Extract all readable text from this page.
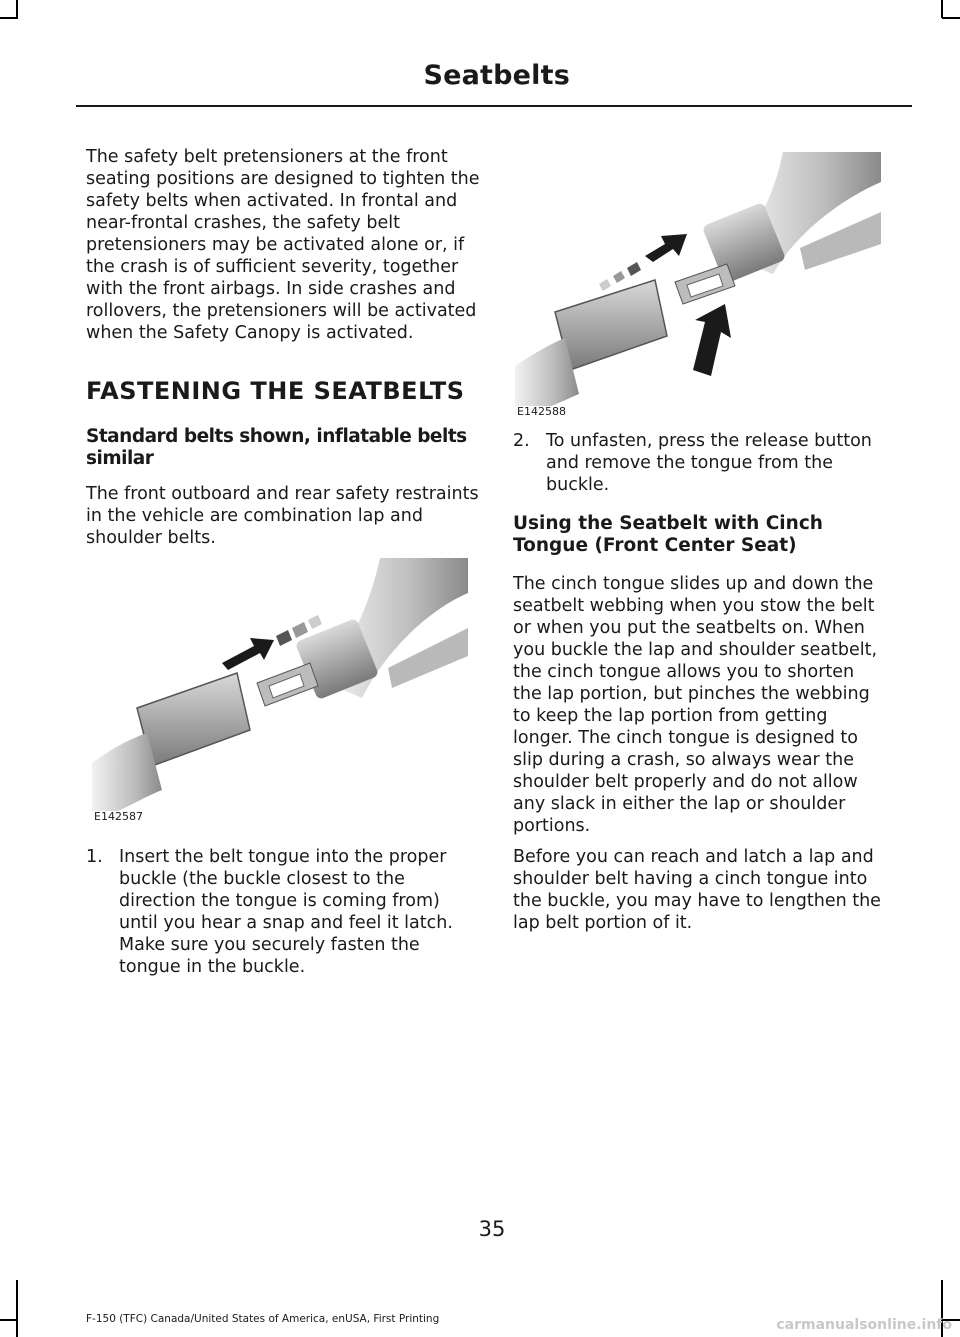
Seatbelts

The safety belt pretensioners at the front seating positions are designed to tighten the safety belts when activated. In frontal and near-frontal crashes, the safety belt pretensioners may be activated alone or, if the crash is of sufficient severity, together with the front airbags. In side crashes and rollovers, the pretensioners will be activated when the Safety Canopy is activated.

FASTENING THE SEATBELTS
Standard belts shown, inflatable belts similar

The front outboard and rear safety restraints in the vehicle are combination lap and shoulder belts.

E142587
1. Insert the belt tongue into the proper buckle (the buckle closest to the direction the tongue is coming from) until you hear a snap and feel it latch. Make sure you securely fasten the tongue in the buckle.

E142588
2. To unfasten, press the release button and remove the tongue from the buckle.

Using the Seatbelt with Cinch Tongue (Front Center Seat)

The cinch tongue slides up and down the seatbelt webbing when you stow the belt or when you put the seatbelts on. When you buckle the lap and shoulder seatbelt, the cinch tongue allows you to shorten the lap portion, but pinches the webbing to keep the lap portion from getting longer. The cinch tongue is designed to slip during a crash, so always wear the shoulder belt properly and do not allow any slack in either the lap or shoulder portions.

Before you can reach and latch a lap and shoulder belt having a cinch tongue into the buckle, you may have to lengthen the lap belt portion of it.

35
F-150 (TFC) Canada/United States of America, enUSA, First Printing	carmanualsonline.info
